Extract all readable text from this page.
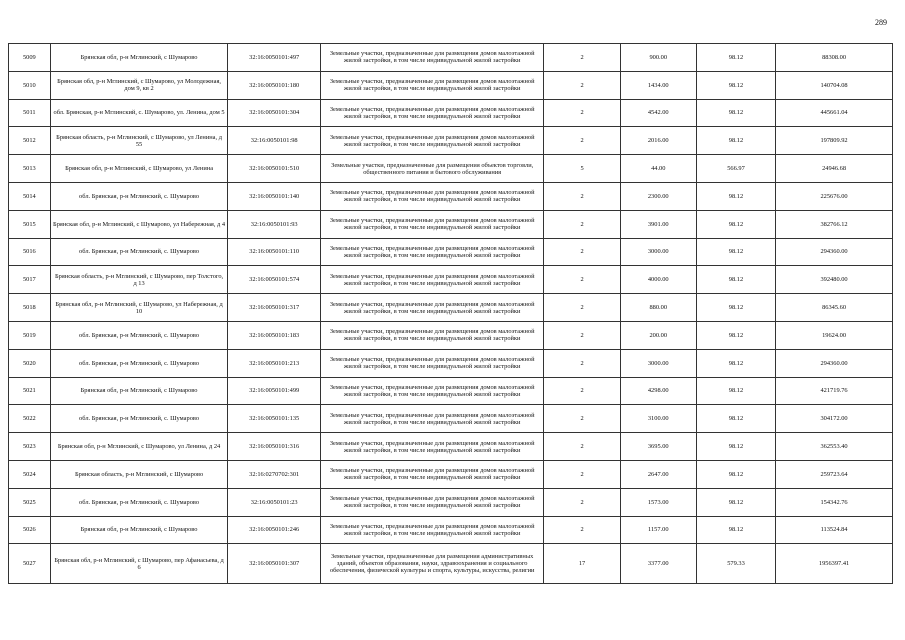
289
5009	Брянская обл, р-н Мглинский, с Шумарово	32:16:0050101:497	Земельные участки, предназначенные для размещения домов малоэтажной жилой застройки, в том числе индивидуальной жилой застройки	2	900.00	98.12	88308.00
5010	Брянская обл, р-н Мглинский, с Шумарово, ул Молодежная, дом 9, кв 2	32:16:0050101:180	Земельные участки, предназначенные для размещения домов малоэтажной жилой застройки, в том числе индивидуальной жилой застройки	2	1434.00	98.12	140704.08
5011	обл. Брянская, р-н Мглинский, с. Шумарово, ул. Ленина, дом 5	32:16:0050101:304	Земельные участки, предназначенные для размещения домов малоэтажной жилой застройки, в том числе индивидуальной жилой застройки	2	4542.00	98.12	445661.04
5012	Брянская область, р-н Мглинский, с Шумарово, ул Ленина, д 55	32:16:0050101:98	Земельные участки, предназначенные для размещения домов малоэтажной жилой застройки, в том числе индивидуальной жилой застройки	2	2016.00	98.12	197809.92
5013	Брянская обл, р-н Мглинский, с Шумарово, ул Ленина	32:16:0050101:510	Земельные участки, предназначенные для размещения объектов торговли, общественного питания и бытового обслуживания	5	44.00	566.97	24946.68
5014	обл. Брянская, р-н Мглинский, с. Шумарово	32:16:0050101:140	Земельные участки, предназначенные для размещения домов малоэтажной жилой застройки, в том числе индивидуальной жилой застройки	2	2300.00	98.12	225676.00
5015	Брянская обл, р-н Мглинский, с Шумарово, ул Набережная, д 4	32:16:0050101:93	Земельные участки, предназначенные для размещения домов малоэтажной жилой застройки, в том числе индивидуальной жилой застройки	2	3901.00	98.12	382766.12
5016	обл. Брянская, р-н Мглинский, с. Шумарово	32:16:0050101:110	Земельные участки, предназначенные для размещения домов малоэтажной жилой застройки, в том числе индивидуальной жилой застройки	2	3000.00	98.12	294360.00
5017	Брянская область, р-н Мглинский, с Шумарово, пер Толстого, д 13	32:16:0050101:574	Земельные участки, предназначенные для размещения домов малоэтажной жилой застройки, в том числе индивидуальной жилой застройки	2	4000.00	98.12	392480.00
5018	Брянская обл, р-н Мглинский, с Шумарово, ул Набережная, д 10	32:16:0050101:317	Земельные участки, предназначенные для размещения домов малоэтажной жилой застройки, в том числе индивидуальной жилой застройки	2	880.00	98.12	86345.60
5019	обл. Брянская, р-н Мглинский, с. Шумарово	32:16:0050101:183	Земельные участки, предназначенные для размещения домов малоэтажной жилой застройки, в том числе индивидуальной жилой застройки	2	200.00	98.12	19624.00
5020	обл. Брянская, р-н Мглинский, с. Шумарово	32:16:0050101:213	Земельные участки, предназначенные для размещения домов малоэтажной жилой застройки, в том числе индивидуальной жилой застройки	2	3000.00	98.12	294360.00
5021	Брянская обл, р-н Мглинский, с Шумарово	32:16:0050101:499	Земельные участки, предназначенные для размещения домов малоэтажной жилой застройки, в том числе индивидуальной жилой застройки	2	4298.00	98.12	421719.76
5022	обл. Брянская, р-н Мглинский, с. Шумарово	32:16:0050101:135	Земельные участки, предназначенные для размещения домов малоэтажной жилой застройки, в том числе индивидуальной жилой застройки	2	3100.00	98.12	304172.00
5023	Брянская обл, р-н Мглинский, с Шумарово, ул Ленина, д 24	32:16:0050101:316	Земельные участки, предназначенные для размещения домов малоэтажной жилой застройки, в том числе индивидуальной жилой застройки	2	3695.00	98.12	362553.40
5024	Брянская область, р-н Мглинский, с Шумарово	32:16:0270702:301	Земельные участки, предназначенные для размещения домов малоэтажной жилой застройки, в том числе индивидуальной жилой застройки	2	2647.00	98.12	259723.64
5025	обл. Брянская, р-н Мглинский, с. Шумарово	32:16:0050101:23	Земельные участки, предназначенные для размещения домов малоэтажной жилой застройки, в том числе индивидуальной жилой застройки	2	1573.00	98.12	154342.76
5026	Брянская обл, р-н Мглинский, с Шумарово	32:16:0050101:246	Земельные участки, предназначенные для размещения домов малоэтажной жилой застройки, в том числе индивидуальной жилой застройки	2	1157.00	98.12	113524.84
5027	Брянская обл, р-н Мглинский, с Шумарово, пер Афанасьева, д 6	32:16:0050101:307	Земельные участки, предназначенные для размещения административных зданий, объектов образования, науки, здравоохранения и социального обеспечения, физической культуры и спорта, культуры, искусства, религии	17	3377.00	579.33	1956397.41
